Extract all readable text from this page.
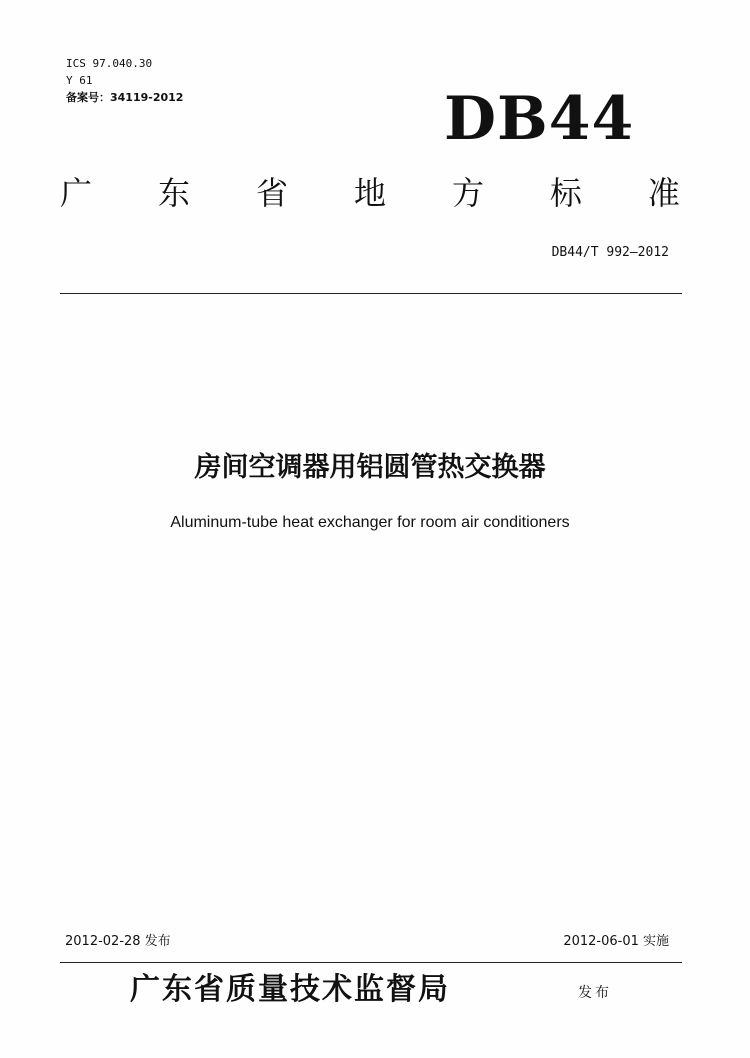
ICS 97.040.30
Y 61
备案号：34119-2012	DB44
广 东 省 地 方 标 准
DB44/T 992—2012
房间空调器用铝圆管热交换器
Aluminum-tube heat exchanger for room air conditioners
2012-02-28 发布	2012-06-01 实施
广东省质量技术监督局	发布
